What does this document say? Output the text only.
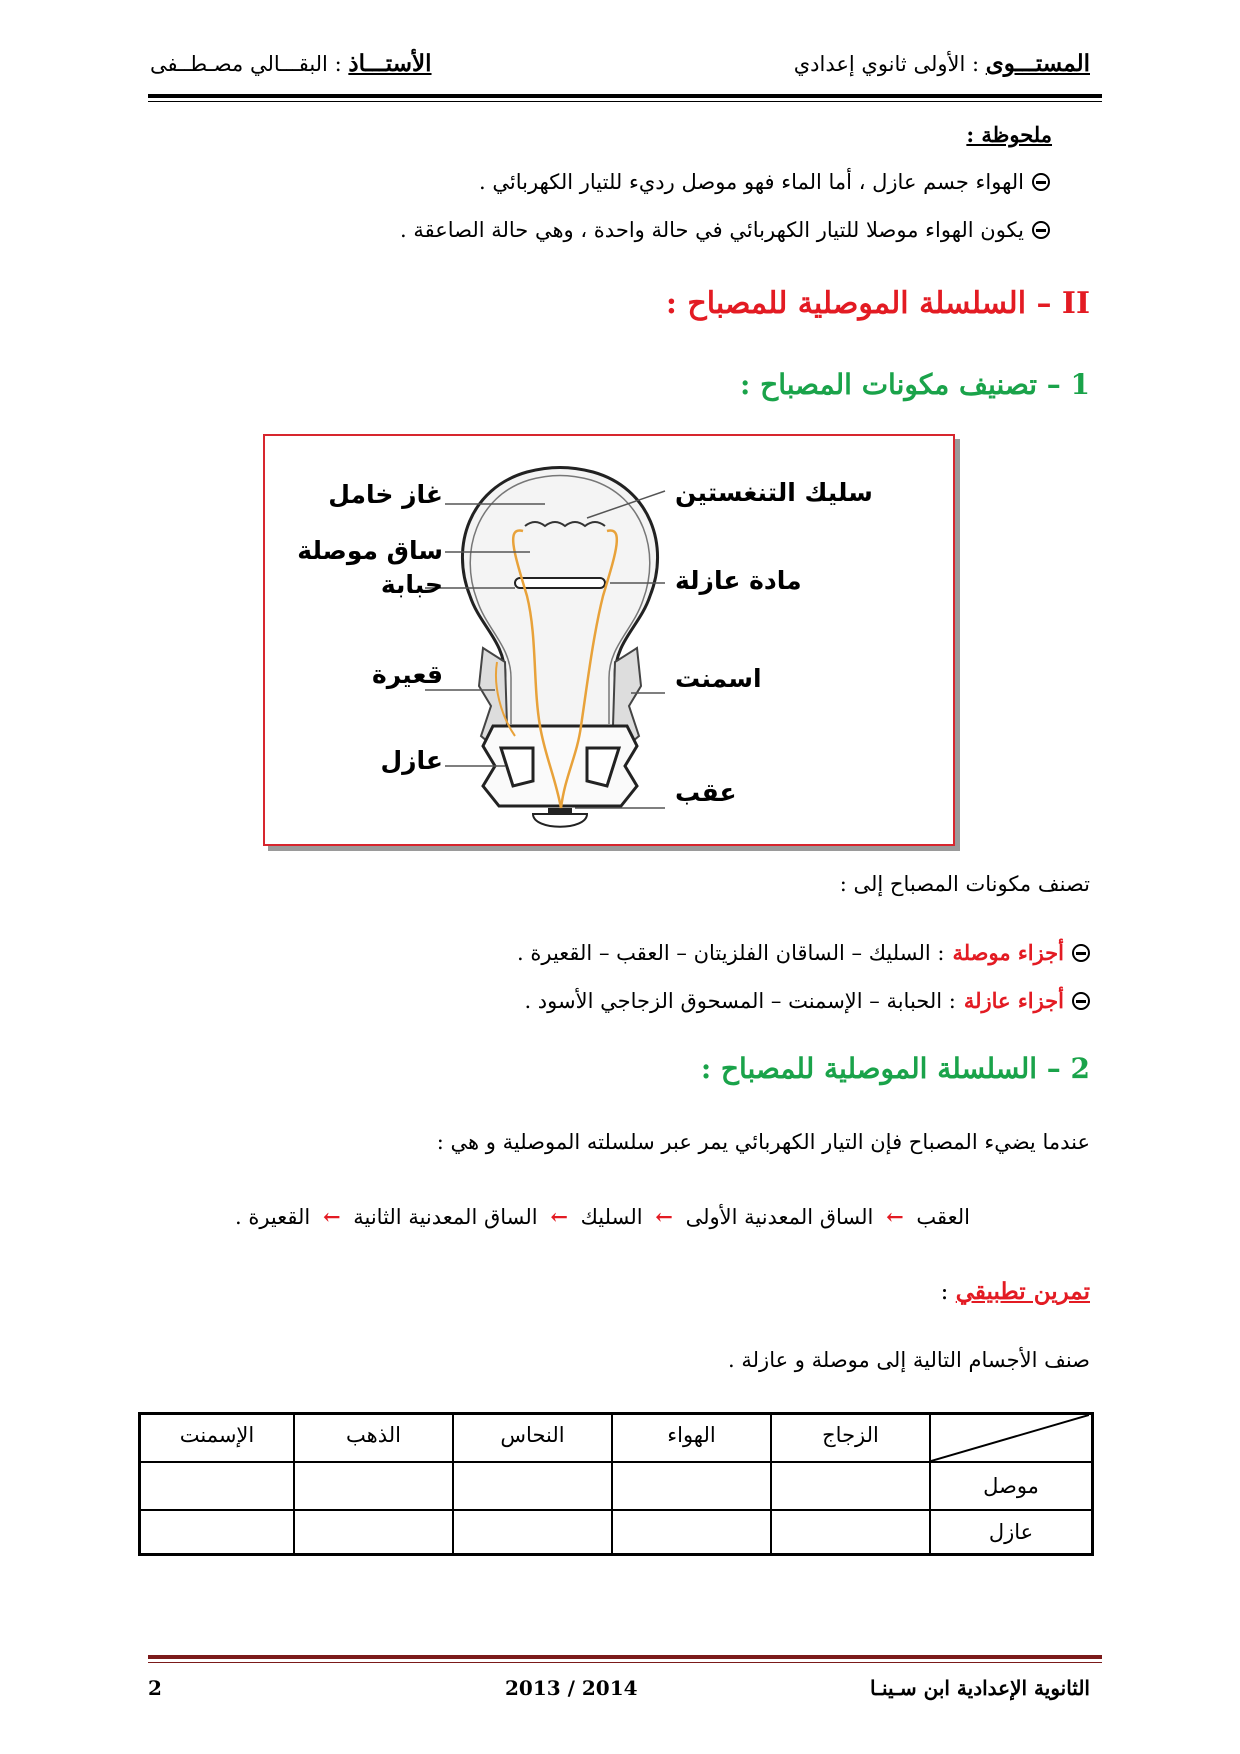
المستـــوى : الأولى ثانوي إعدادي
الأستـــاذ : البقـــالي مصـطــفى
ملحوظة :
الهواء جسم عازل ، أما الماء فهو موصل رديء للتيار الكهربائي .
يكون الهواء موصلا للتيار الكهربائي في حالة واحدة ، وهي حالة الصاعقة .
II – السلسلة الموصلية للمصباح :
1 – تصنيف مكونات المصباح :
غاز خامل
ساق موصلة
حبابة
قعيرة
عازل
سليك التنغستين
مادة عازلة
اسمنت
عقب
تصنف مكونات المصباح إلى :
أجزاء موصلة
: السليك – الساقان الفلزيتان – العقب – القعيرة .
أجزاء عازلة
: الحبابة – الإسمنت – المسحوق الزجاجي الأسود .
2 – السلسلة الموصلية للمصباح :
عندما يضيء المصباح فإن التيار الكهربائي يمر عبر سلسلته الموصلية و هي :
العقب ← الساق المعدنية الأولى ← السليك ← الساق المعدنية الثانية ← القعيرة .
تمرين تطبيقي :
صنف الأجسام التالية إلى موصلة و عازلة .
الزجاج
الهواء
النحاس
الذهب
الإسمنت
موصل
عازل
الثانوية الإعدادية ابن سـينـا
2013 / 2014
2
